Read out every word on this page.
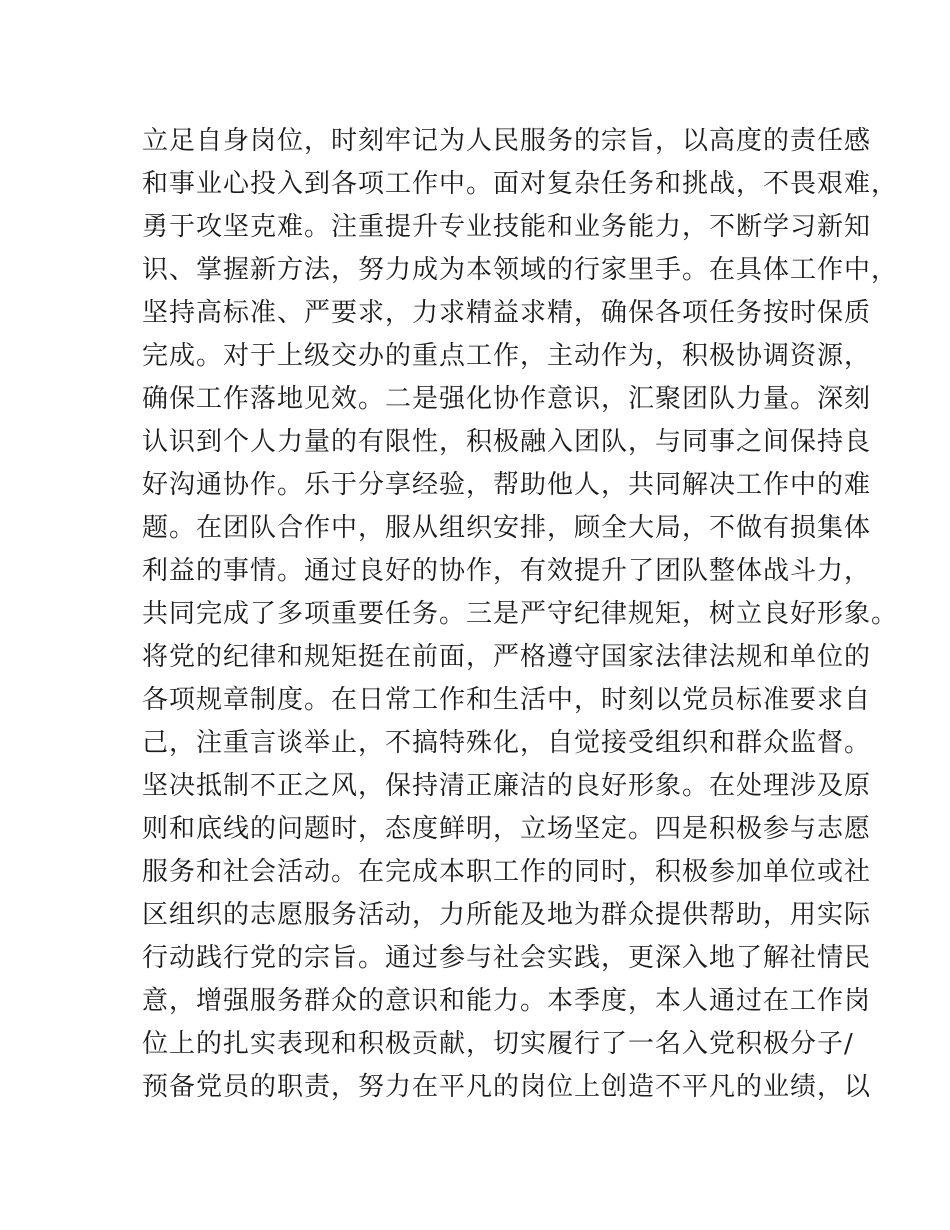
立足自身岗位，时刻牢记为人民服务的宗旨，以高度的责任感
和事业心投入到各项工作中。面对复杂任务和挑战，不畏艰难，
勇于攻坚克难。注重提升专业技能和业务能力，不断学习新知
识、掌握新方法，努力成为本领域的行家里手。在具体工作中，
坚持高标准、严要求，力求精益求精，确保各项任务按时保质
完成。对于上级交办的重点工作，主动作为，积极协调资源，
确保工作落地见效。二是强化协作意识，汇聚团队力量。深刻
认识到个人力量的有限性，积极融入团队，与同事之间保持良
好沟通协作。乐于分享经验，帮助他人，共同解决工作中的难
题。在团队合作中，服从组织安排，顾全大局，不做有损集体
利益的事情。通过良好的协作，有效提升了团队整体战斗力，
共同完成了多项重要任务。三是严守纪律规矩，树立良好形象。
将党的纪律和规矩挺在前面，严格遵守国家法律法规和单位的
各项规章制度。在日常工作和生活中，时刻以党员标准要求自
己，注重言谈举止，不搞特殊化，自觉接受组织和群众监督。
坚决抵制不正之风，保持清正廉洁的良好形象。在处理涉及原
则和底线的问题时，态度鲜明，立场坚定。四是积极参与志愿
服务和社会活动。在完成本职工作的同时，积极参加单位或社
区组织的志愿服务活动，力所能及地为群众提供帮助，用实际
行动践行党的宗旨。通过参与社会实践，更深入地了解社情民
意，增强服务群众的意识和能力。本季度，本人通过在工作岗
位上的扎实表现和积极贡献，切实履行了一名入党积极分子/
预备党员的职责，努力在平凡的岗位上创造不平凡的业绩，以
